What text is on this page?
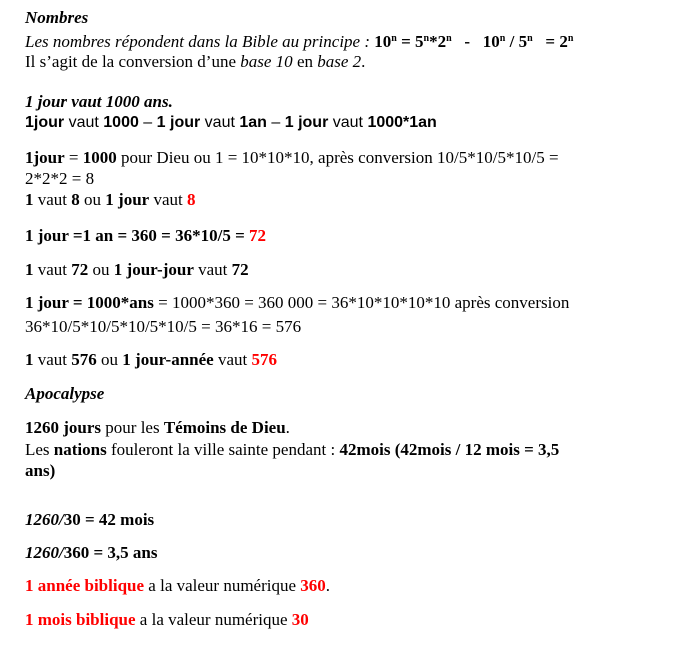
Nombres
Les nombres répondent dans la Bible au principe : $10^n = 5^n*2^n - 10^n / 5^n = 2^n$
Il s’agit de la conversion d’une base 10 en base 2.
1 jour vaut 1000 ans.
1jour vaut 1000 – 1 jour vaut 1an – 1 jour vaut 1000*1an
1jour = 1000 pour Dieu ou 1 = 10*10*10, après conversion 10/5*10/5*10/5 =
2*2*2 = 8
1 vaut 8 ou 1 jour vaut 8
1 jour =1 an = 360 = 36*10/5 = 72
1 vaut 72 ou 1 jour-jour vaut 72
1 jour = 1000*ans = 1000*360 = 360 000 = 36*10*10*10*10 après conversion
36*10/5*10/5*10/5*10/5 = 36*16 = 576
1 vaut 576 ou 1 jour-année vaut 576
Apocalypse
1260 jours pour les Témoins de Dieu.
Les nations fouleront la ville sainte pendant : 42mois (42mois / 12 mois = 3,5
ans)
1260/30 = 42 mois
1260/360 = 3,5 ans
1 année biblique a la valeur numérique 360.
1 mois biblique a la valeur numérique 30
